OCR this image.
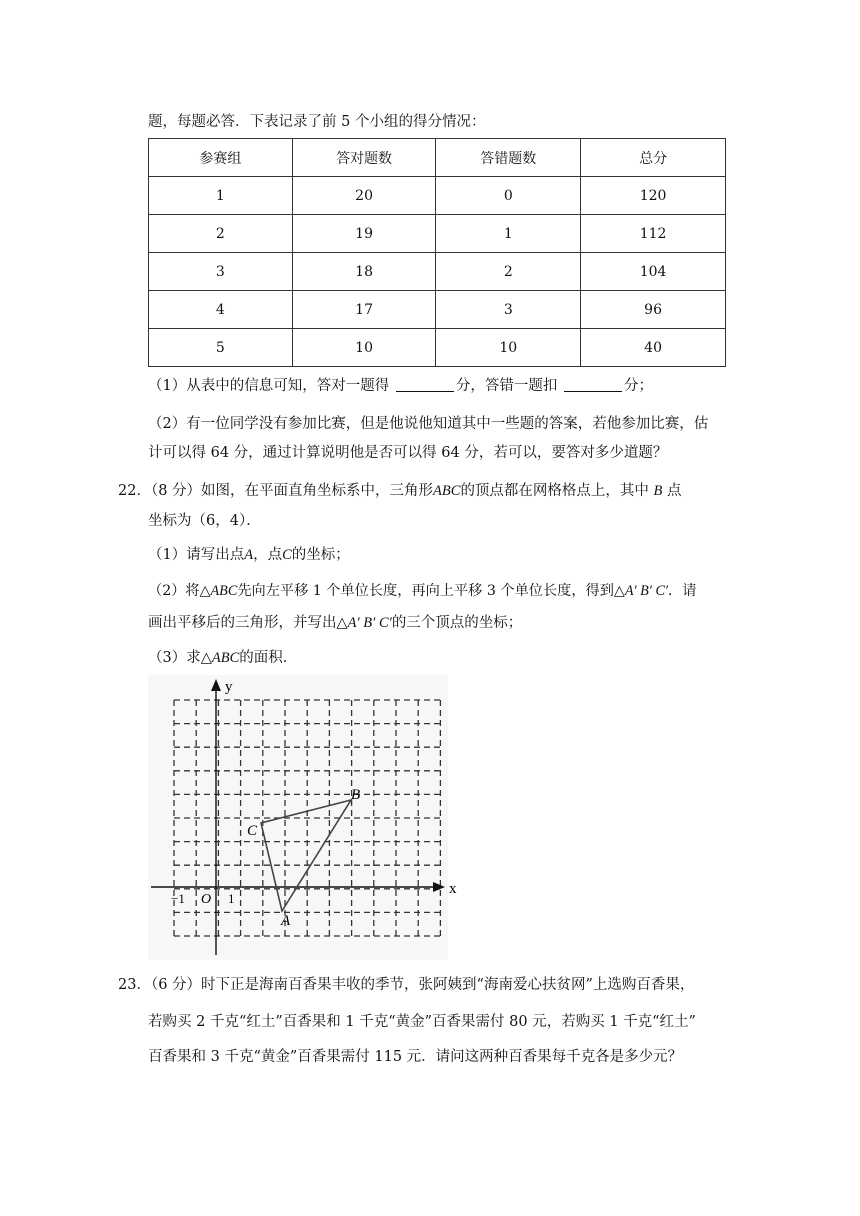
题，每题必答．下表记录了前 5 个小组的得分情况：
参赛组	答对题数	答错题数	总分
1	20	0	120
2	19	1	112
3	18	2	104
4	17	3	96
5	10	10	40
（1）从表中的信息可知，答对一题得	分，答错一题扣	分；
（2）有一位同学没有参加比赛，但是他说他知道其中一些题的答案，若他参加比赛，估
计可以得 64 分，通过计算说明他是否可以得 64 分，若可以，要答对多少道题？
22．（8 分）如图，在平面直角坐标系中，三角形ABC的顶点都在网格格点上，其中 B 点
坐标为（6，4）．
（1）请写出点A，点C的坐标；
（2）将△ABC先向左平移 1 个单位长度，再向上平移 3 个单位长度，得到△A′ B′ C′．请
画出平移后的三角形，并写出△A′ B′ C′的三个顶点的坐标；
（3）求△ABC的面积．
x
y
O
−1	1
A
B
C
23．（6 分）时下正是海南百香果丰收的季节，张阿姨到“海南爱心扶贫网”上选购百香果，
若购买 2 千克“红土”百香果和 1 千克“黄金”百香果需付 80 元，若购买 1 千克“红土”
百香果和 3 千克“黄金”百香果需付 115 元．请问这两种百香果每千克各是多少元？
